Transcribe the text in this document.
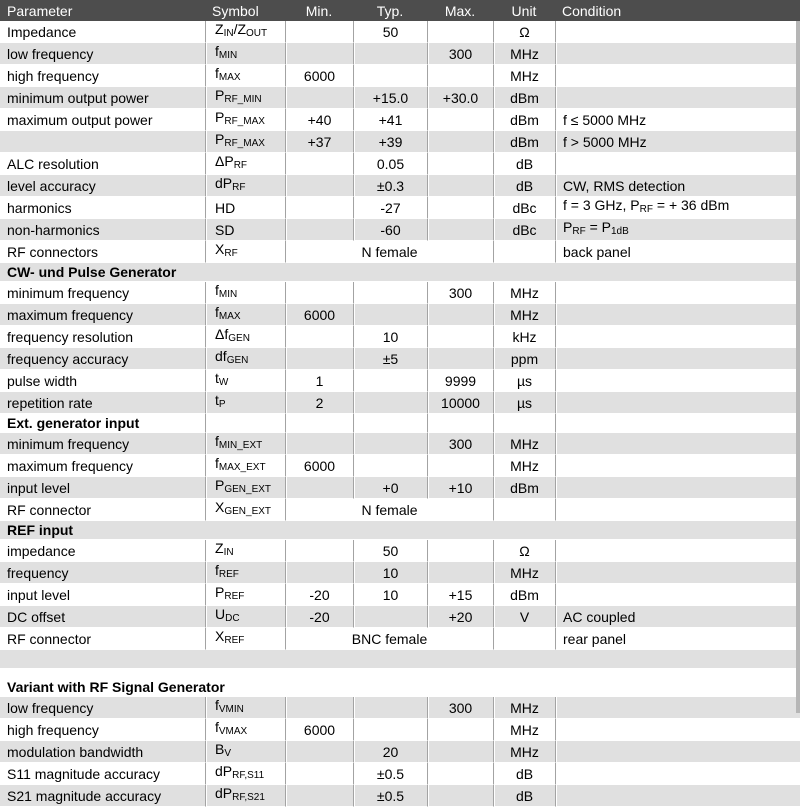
Parameter	Symbol	Min.	Typ.	Max.	Unit	Condition
Impedance	$Z_{IN}/Z_{OUT}$		50		Ω	
low frequency	$f_{MIN}$			300	MHz	
high frequency	$f_{MAX}$	6000			MHz	
minimum output power	$P_{RF\_MIN}$		+15.0	+30.0	dBm	
maximum output power	$P_{RF\_MAX}$	+40	+41		dBm	f ≤ 5000 MHz
	$P_{RF\_MAX}$	+37	+39		dBm	f > 5000 MHz
ALC resolution	$\Delta P_{RF}$		0.05		dB	
level accuracy	$dP_{RF}$		±0.3		dB	CW, RMS detection
harmonics	HD		-27		dBc	f = 3 GHz, $P_{RF}$ = + 36 dBm
non-harmonics	SD		-60		dBc	$P_{RF} = P_{1dB}$
RF connectors	$X_{RF}$	N female				back panel
CW- und Pulse Generator						
minimum frequency	$f_{MIN}$			300	MHz	
maximum frequency	$f_{MAX}$	6000			MHz	
frequency resolution	$\Delta f_{GEN}$		10		kHz	
frequency accuracy	$df_{GEN}$		±5		ppm	
pulse width	$t_W$	1		9999	µs	
repetition rate	$t_P$	2		10000	µs	
Ext. generator input						
minimum frequency	$f_{MIN\_EXT}$			300	MHz	
maximum frequency	$f_{MAX\_EXT}$	6000			MHz	
input level	$P_{GEN\_EXT}$		+0	+10	dBm	
RF connector	$X_{GEN\_EXT}$	N female				
REF input						
impedance	$Z_{IN}$		50		Ω	
frequency	$f_{REF}$		10		MHz	
input level	$P_{REF}$	-20	10	+15	dBm	
DC offset	$U_{DC}$	-20		+20	V	AC coupled
RF connector	$X_{REF}$	BNC female				rear panel

Variant with RF Signal Generator						
low frequency	$f_{VMIN}$			300	MHz	
high frequency	$f_{VMAX}$	6000			MHz	
modulation bandwidth	$B_V$		20		MHz	
S11 magnitude accuracy	$dP_{RF,S11}$		±0.5		dB	
S21 magnitude accuracy	$dP_{RF,S21}$		±0.5		dB	
